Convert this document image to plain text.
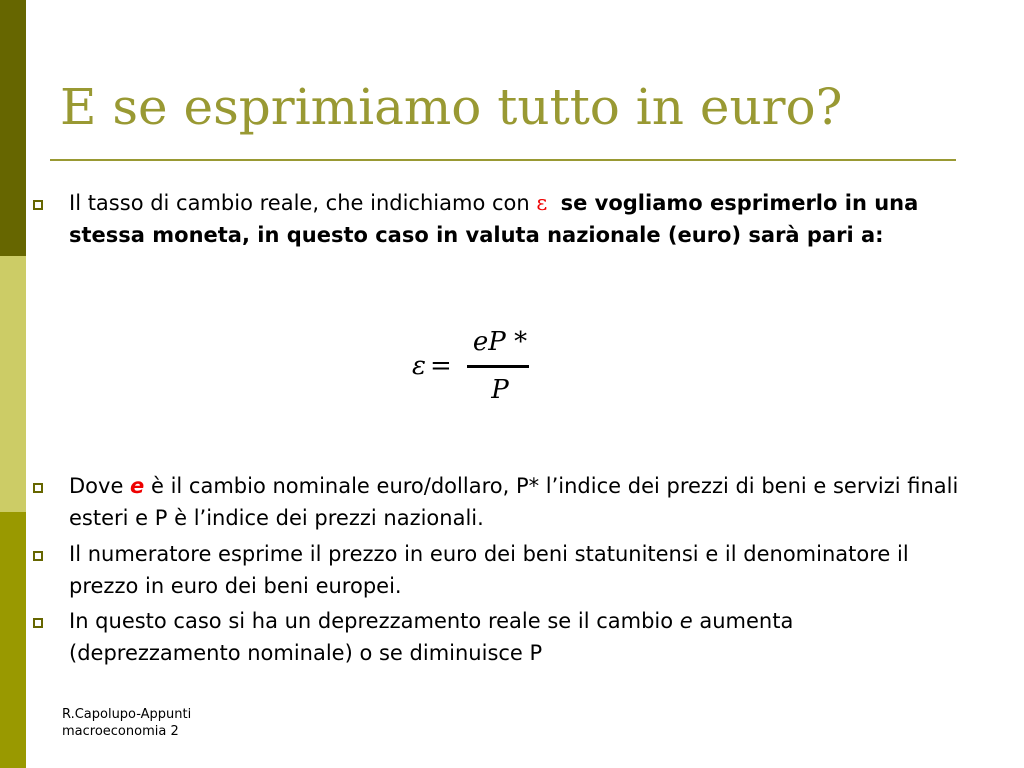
E se esprimiamo tutto in euro?

Il tasso di cambio reale, che indichiamo con ε se vogliamo esprimerlo in una stessa moneta, in questo caso in valuta nazionale (euro) sarà pari a:

ε =
eP *
P

Dove e è il cambio nominale euro/dollaro, P* l’indice dei prezzi di beni e servizi finali esteri e P è l’indice dei prezzi nazionali.

Il numeratore esprime il prezzo in euro dei beni statunitensi e il denominatore il prezzo in euro dei beni europei.

In questo caso si ha un deprezzamento reale se il cambio e aumenta (deprezzamento nominale) o se diminuisce P

R.Capolupo-Appunti
macroeconomia 2
